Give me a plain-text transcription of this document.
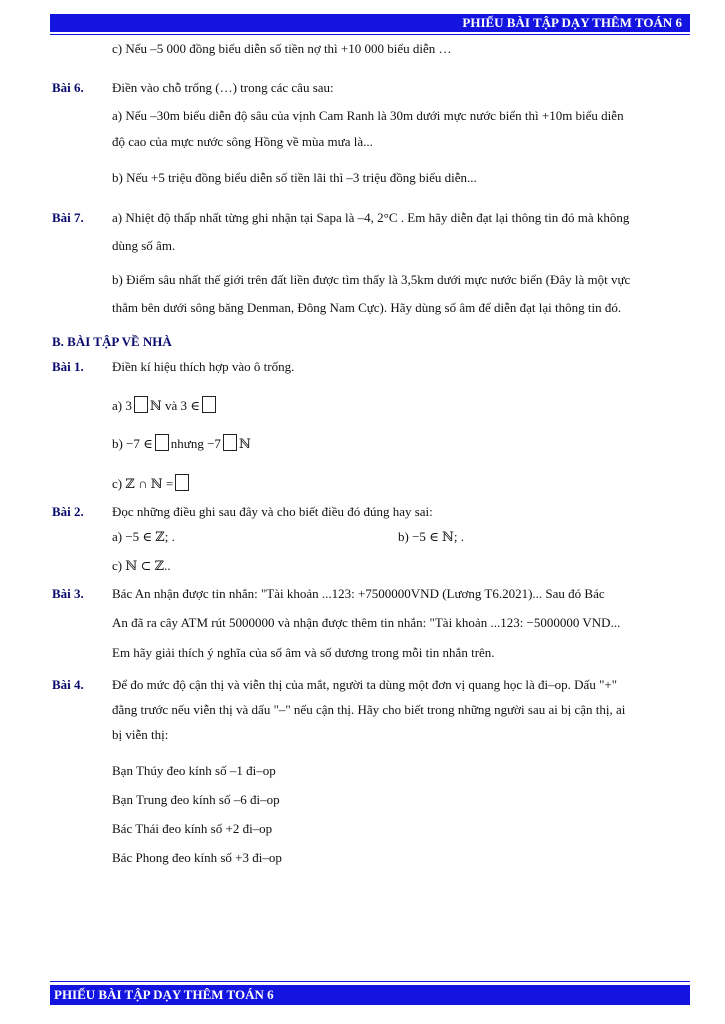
PHIẾU BÀI TẬP DẠY THÊM TOÁN 6
c) Nếu –5 000 đồng biểu diễn số tiền nợ thì +10 000 biểu diễn …
Bài 6. Điền vào chỗ trống (…) trong các câu sau:
a) Nếu –30m biểu diễn độ sâu của vịnh Cam Ranh là 30m dưới mực nước biển thì +10m biểu diễn
độ cao của mực nước sông Hồng về mùa mưa là...
b) Nếu +5 triệu đồng biểu diễn số tiền lãi thì –3 triệu đồng biểu diễn...
Bài 7. a) Nhiệt độ thấp nhất từng ghi nhận tại Sapa là –4, 2°C . Em hãy diễn đạt lại thông tin đó mà không
dùng số âm.
b) Điểm sâu nhất thế giới trên đất liền được tìm thấy là 3,5km dưới mực nước biển (Đây là một vực
thẳm bên dưới sông băng Denman, Đông Nam Cực). Hãy dùng số âm để diễn đạt lại thông tin đó.
B. BÀI TẬP VỀ NHÀ
Bài 1. Điền kí hiệu thích hợp vào ô trống.
a) 3 ℕ và 3 ∈
b) −7 ∈ nhưng −7 ℕ
c) ℤ ∩ ℕ =
Bài 2. Đọc những điều ghi sau đây và cho biết điều đó đúng hay sai:
a) −5 ∈ ℤ; .	b) −5 ∈ ℕ; .
c) ℕ ⊂ ℤ..
Bài 3. Bác An nhận được tin nhắn: "Tài khoản ...123: +7500000VND (Lương T6.2021)... Sau đó Bác
An đã ra cây ATM rút 5000000 và nhận được thêm tin nhắn: "Tài khoản ...123: −5000000 VND...
Em hãy giải thích ý nghĩa của số âm và số dương trong mỗi tin nhắn trên.
Bài 4. Để đo mức độ cận thị và viễn thị của mắt, người ta dùng một đơn vị quang học là đi–op. Dấu "+"
đằng trước nếu viễn thị và dấu "–" nếu cận thị. Hãy cho biết trong những người sau ai bị cận thị, ai
bị viễn thị:
Bạn Thúy đeo kính số –1 đi–op
Bạn Trung đeo kính số –6 đi–op
Bác Thái đeo kính số +2 đi–op
Bác Phong đeo kính số +3 đi–op
PHIẾU BÀI TẬP DẠY THÊM TOÁN 6
